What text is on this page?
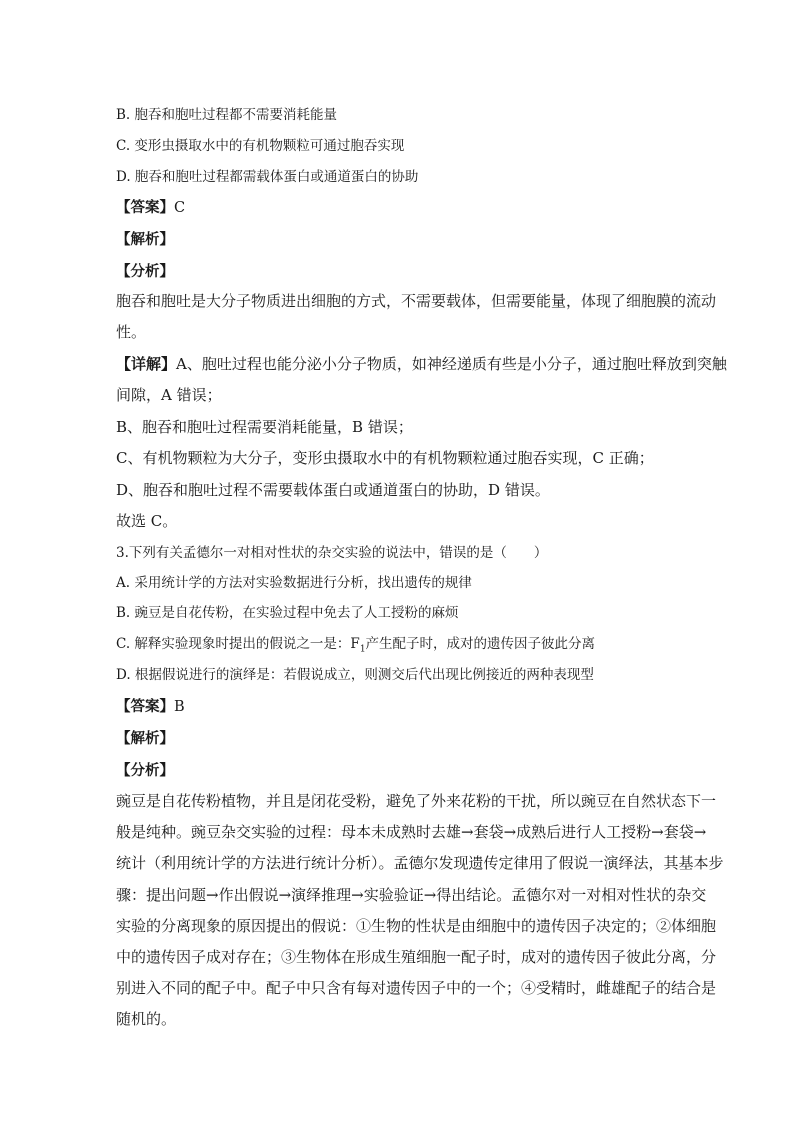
B. 胞吞和胞吐过程都不需要消耗能量
C. 变形虫摄取水中的有机物颗粒可通过胞吞实现
D. 胞吞和胞吐过程都需载体蛋白或通道蛋白的协助
【答案】C
【解析】
【分析】
胞吞和胞吐是大分子物质进出细胞的方式，不需要载体，但需要能量，体现了细胞膜的流动
性。
【详解】A、胞吐过程也能分泌小分子物质，如神经递质有些是小分子，通过胞吐释放到突触
间隙，A 错误；
B、胞吞和胞吐过程需要消耗能量，B 错误；
C、有机物颗粒为大分子，变形虫摄取水中的有机物颗粒通过胞吞实现，C 正确；
D、胞吞和胞吐过程不需要载体蛋白或通道蛋白的协助，D 错误。
故选 C。
3.下列有关孟德尔一对相对性状的杂交实验的说法中，错误的是（　　）
A. 采用统计学的方法对实验数据进行分析，找出遗传的规律
B. 豌豆是自花传粉，在实验过程中免去了人工授粉的麻烦
C. 解释实验现象时提出的假说之一是：$F_1$产生配子时，成对的遗传因子彼此分离
D. 根据假说进行的演绎是：若假说成立，则测交后代出现比例接近的两种表现型
【答案】B
【解析】
【分析】
豌豆是自花传粉植物，并且是闭花受粉，避免了外来花粉的干扰，所以豌豆在自然状态下一
般是纯种。豌豆杂交实验的过程：母本未成熟时去雄→套袋→成熟后进行人工授粉→套袋→
统计（利用统计学的方法进行统计分析）。孟德尔发现遗传定律用了假说一演绎法，其基本步
骤：提出问题→作出假说→演绎推理→实验验证→得出结论。孟德尔对一对相对性状的杂交
实验的分离现象的原因提出的假说：①生物的性状是由细胞中的遗传因子决定的；②体细胞
中的遗传因子成对存在；③生物体在形成生殖细胞一配子时，成对的遗传因子彼此分离，分
别进入不同的配子中。配子中只含有每对遗传因子中的一个；④受精时，雌雄配子的结合是
随机的。
